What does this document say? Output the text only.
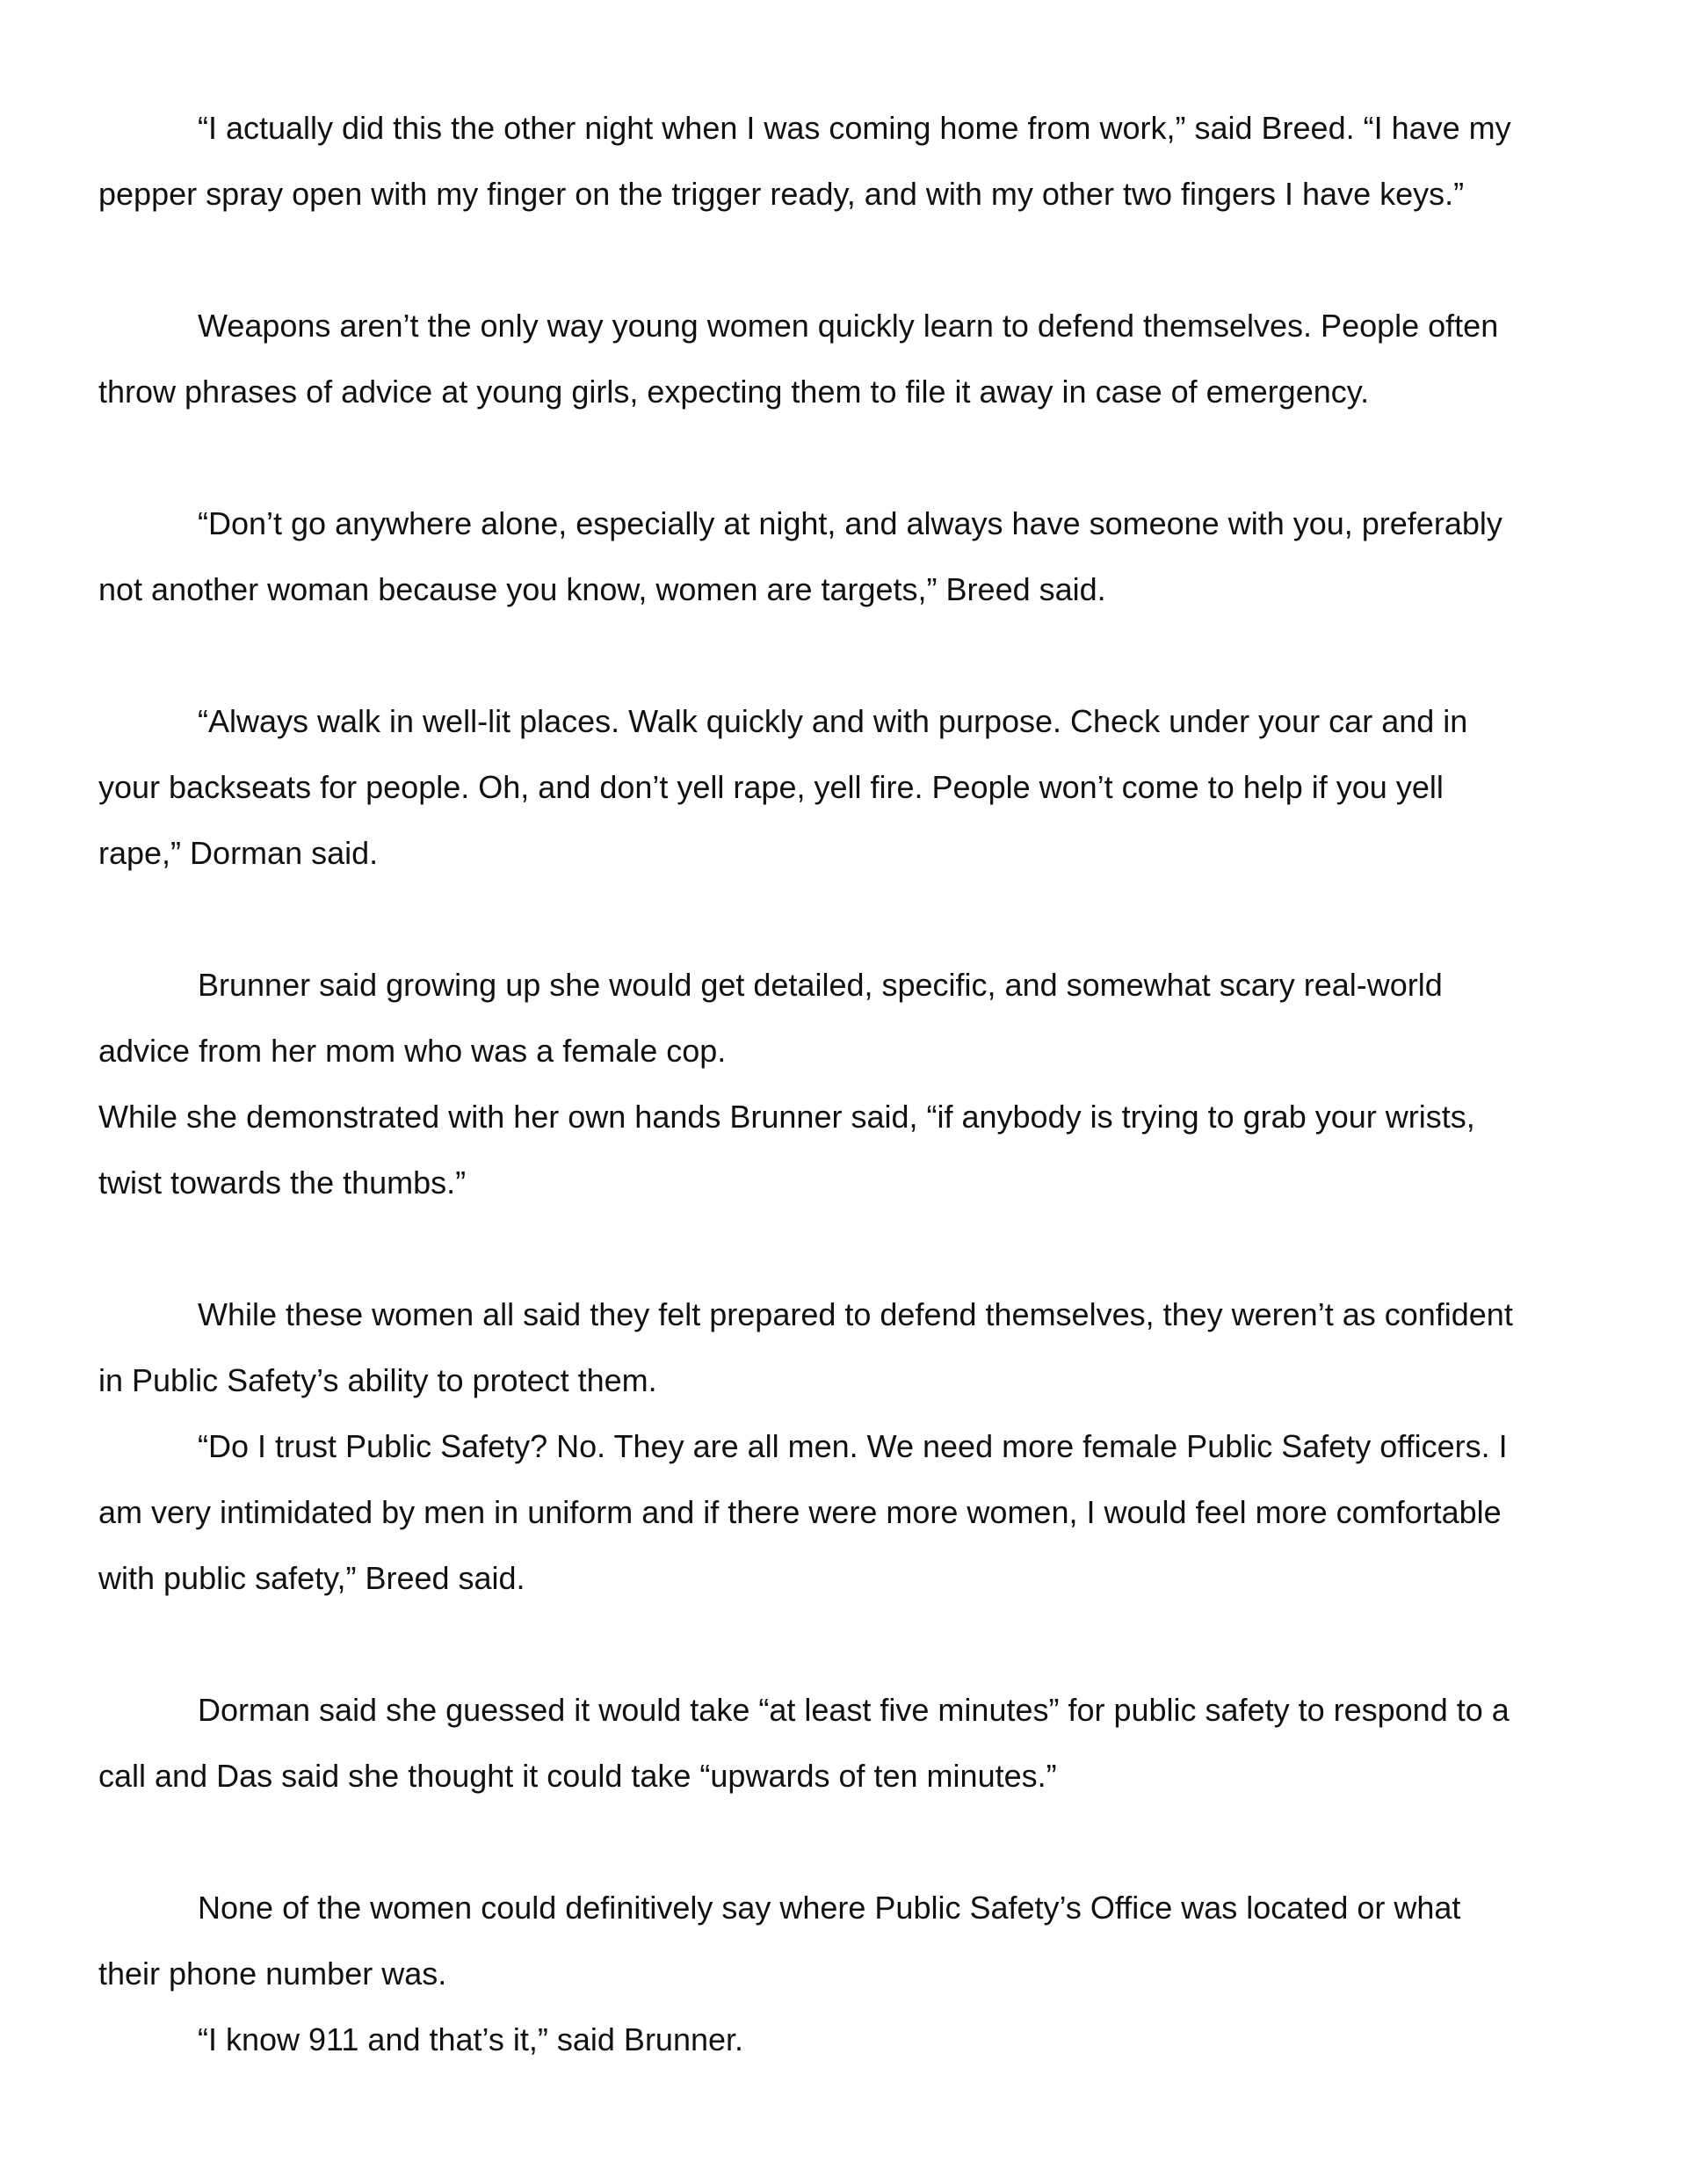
“I actually did this the other night when I was coming home from work,” said Breed. “I have my
pepper spray open with my finger on the trigger ready, and with my other two fingers I have keys.”
Weapons aren’t the only way young women quickly learn to defend themselves. People often
throw phrases of advice at young girls, expecting them to file it away in case of emergency.
“Don’t go anywhere alone, especially at night, and always have someone with you, preferably
not another woman because you know, women are targets,” Breed said.
“Always walk in well-lit places. Walk quickly and with purpose. Check under your car and in
your backseats for people. Oh, and don’t yell rape, yell fire. People won’t come to help if you yell
rape,” Dorman said.
Brunner said growing up she would get detailed, specific, and somewhat scary real-world
advice from her mom who was a female cop.
While she demonstrated with her own hands Brunner said, “if anybody is trying to grab your wrists,
twist towards the thumbs.”
While these women all said they felt prepared to defend themselves, they weren’t as confident
in Public Safety’s ability to protect them.
“Do I trust Public Safety? No. They are all men. We need more female Public Safety officers. I
am very intimidated by men in uniform and if there were more women, I would feel more comfortable
with public safety,” Breed said.
Dorman said she guessed it would take “at least five minutes” for public safety to respond to a
call and Das said she thought it could take “upwards of ten minutes.”
None of the women could definitively say where Public Safety’s Office was located or what
their phone number was.
“I know 911 and that’s it,” said Brunner.
